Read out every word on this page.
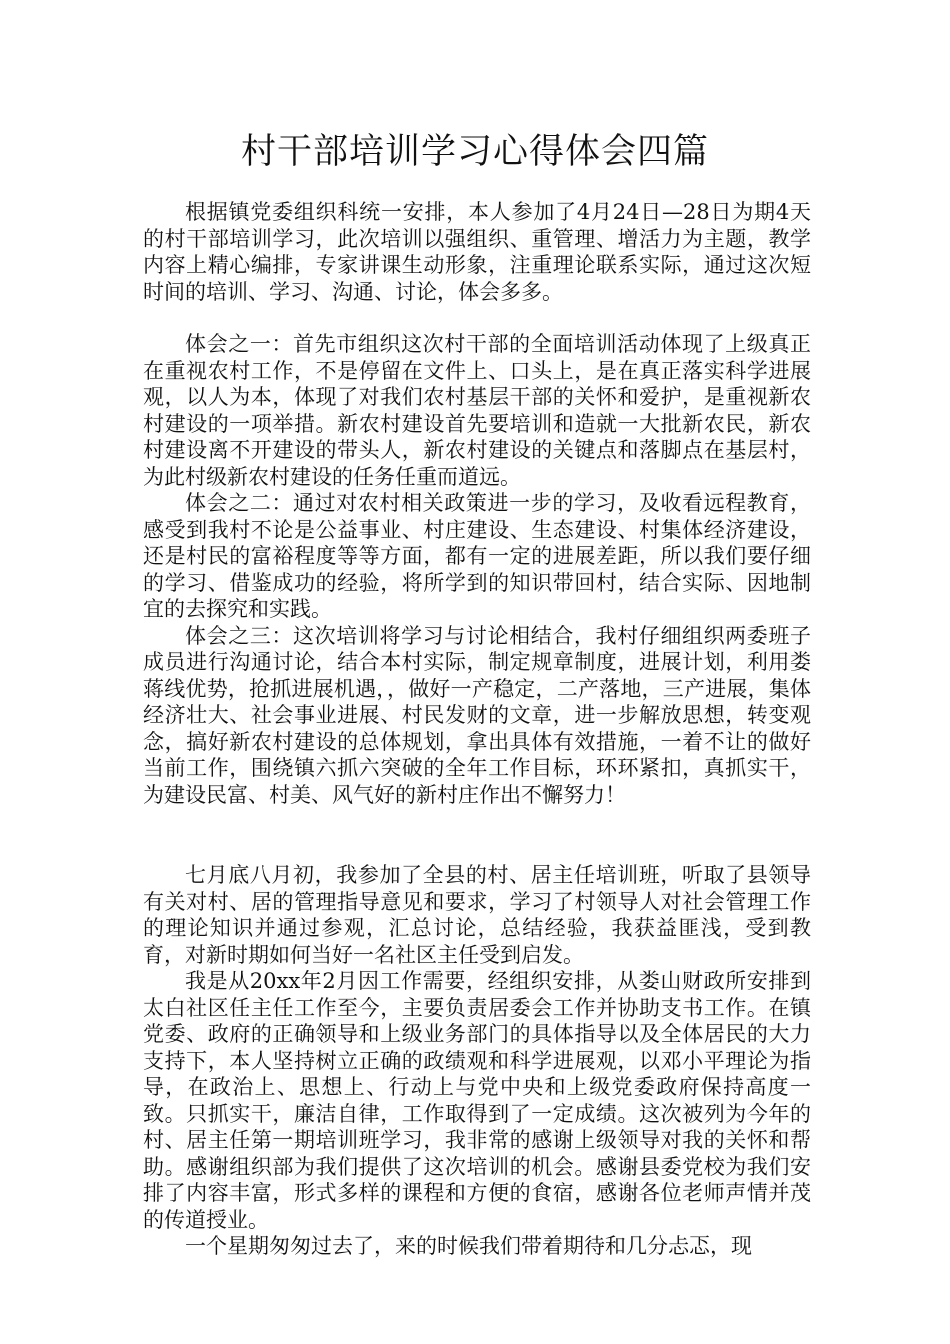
村干部培训学习心得体会四篇

根据镇党委组织科统一安排，本人参加了4月24日—28日为期4天的村干部培训学习，此次培训以强组织、重管理、增活力为主题，教学内容上精心编排，专家讲课生动形象，注重理论联系实际，通过这次短时间的培训、学习、沟通、讨论，体会多多。

体会之一：首先市组织这次村干部的全面培训活动体现了上级真正在重视农村工作，不是停留在文件上、口头上，是在真正落实科学进展观，以人为本，体现了对我们农村基层干部的关怀和爱护，是重视新农村建设的一项举措。新农村建设首先要培训和造就一大批新农民，新农村建设离不开建设的带头人，新农村建设的关键点和落脚点在基层村，为此村级新农村建设的任务任重而道远。

体会之二：通过对农村相关政策进一步的学习，及收看远程教育，感受到我村不论是公益事业、村庄建设、生态建设、村集体经济建设，还是村民的富裕程度等等方面，都有一定的进展差距，所以我们要仔细的学习、借鉴成功的经验，将所学到的知识带回村，结合实际、因地制宜的去探究和实践。

体会之三：这次培训将学习与讨论相结合，我村仔细组织两委班子成员进行沟通讨论，结合本村实际，制定规章制度，进展计划，利用娄蒋线优势，抢抓进展机遇，，做好一产稳定，二产落地，三产进展，集体经济壮大、社会事业进展、村民发财的文章，进一步解放思想，转变观念，搞好新农村建设的总体规划，拿出具体有效措施，一着不让的做好当前工作，围绕镇六抓六突破的全年工作目标，环环紧扣，真抓实干，为建设民富、村美、风气好的新村庄作出不懈努力！

七月底八月初，我参加了全县的村、居主任培训班，听取了县领导有关对村、居的管理指导意见和要求，学习了村领导人对社会管理工作的理论知识并通过参观，汇总讨论，总结经验，我获益匪浅，受到教育，对新时期如何当好一名社区主任受到启发。

我是从20xx年2月因工作需要，经组织安排，从娄山财政所安排到太白社区任主任工作至今，主要负责居委会工作并协助支书工作。在镇党委、政府的正确领导和上级业务部门的具体指导以及全体居民的大力支持下，本人坚持树立正确的政绩观和科学进展观，以邓小平理论为指导，在政治上、思想上、行动上与党中央和上级党委政府保持高度一致。只抓实干，廉洁自律，工作取得到了一定成绩。这次被列为今年的村、居主任第一期培训班学习，我非常的感谢上级领导对我的关怀和帮助。感谢组织部为我们提供了这次培训的机会。感谢县委党校为我们安排了内容丰富，形式多样的课程和方便的食宿，感谢各位老师声情并茂的传道授业。

一个星期匆匆过去了，来的时候我们带着期待和几分忐忑，现
